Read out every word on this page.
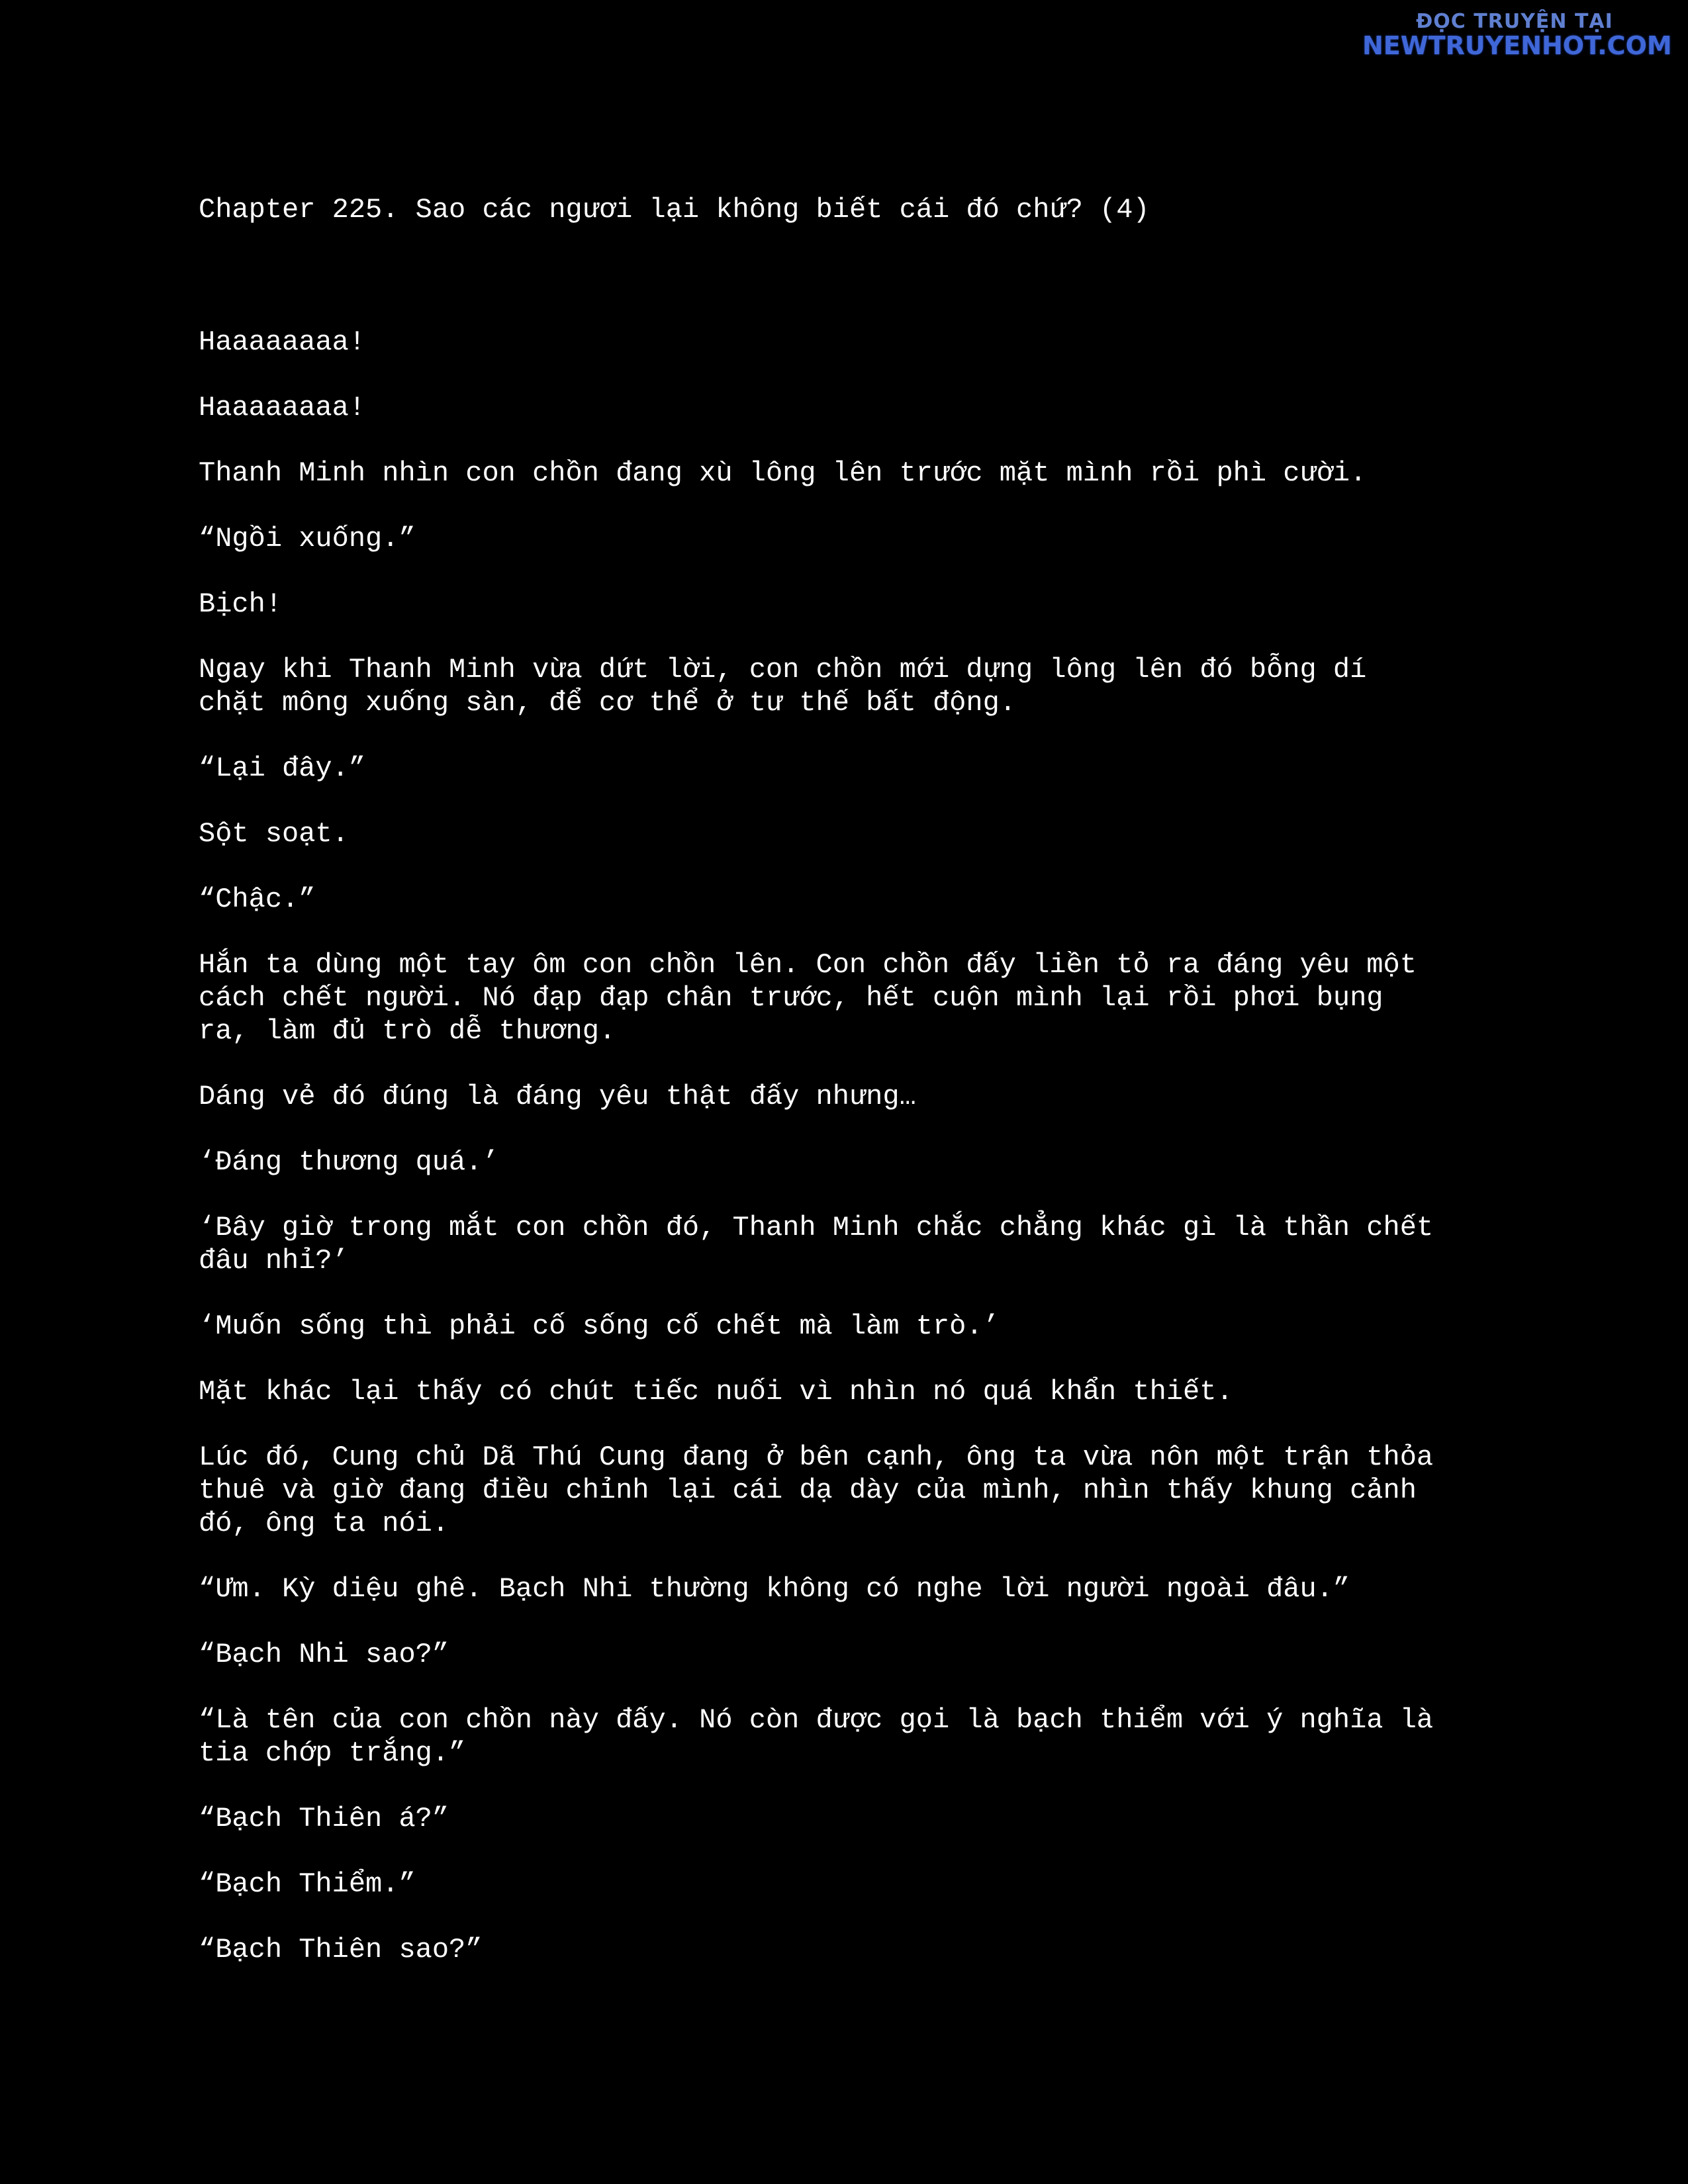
ĐỌC TRUYỆN TẠI
NEWTRUYENHOT.COM
Chapter 225. Sao các ngươi lại không biết cái đó chứ? (4)

Haaaaaaaa!

Haaaaaaaa!

Thanh Minh nhìn con chồn đang xù lông lên trước mặt mình rồi phì cười.

“Ngồi xuống.”

Bịch!

Ngay khi Thanh Minh vừa dứt lời, con chồn mới dựng lông lên đó bỗng dí
chặt mông xuống sàn, để cơ thể ở tư thế bất động.

“Lại đây.”

Sột soạt.

“Chậc.”

Hắn ta dùng một tay ôm con chồn lên. Con chồn đấy liền tỏ ra đáng yêu một
cách chết người. Nó đạp đạp chân trước, hết cuộn mình lại rồi phơi bụng
ra, làm đủ trò dễ thương.

Dáng vẻ đó đúng là đáng yêu thật đấy nhưng…

‘Đáng thương quá.’

‘Bây giờ trong mắt con chồn đó, Thanh Minh chắc chẳng khác gì là thần chết
đâu nhỉ?’

‘Muốn sống thì phải cố sống cố chết mà làm trò.’

Mặt khác lại thấy có chút tiếc nuối vì nhìn nó quá khẩn thiết.

Lúc đó, Cung chủ Dã Thú Cung đang ở bên cạnh, ông ta vừa nôn một trận thỏa
thuê và giờ đang điều chỉnh lại cái dạ dày của mình, nhìn thấy khung cảnh
đó, ông ta nói.

“Ưm. Kỳ diệu ghê. Bạch Nhi thường không có nghe lời người ngoài đâu.”

“Bạch Nhi sao?”

“Là tên của con chồn này đấy. Nó còn được gọi là bạch thiểm với ý nghĩa là
tia chớp trắng.”

“Bạch Thiên á?”

“Bạch Thiểm.”

“Bạch Thiên sao?”
